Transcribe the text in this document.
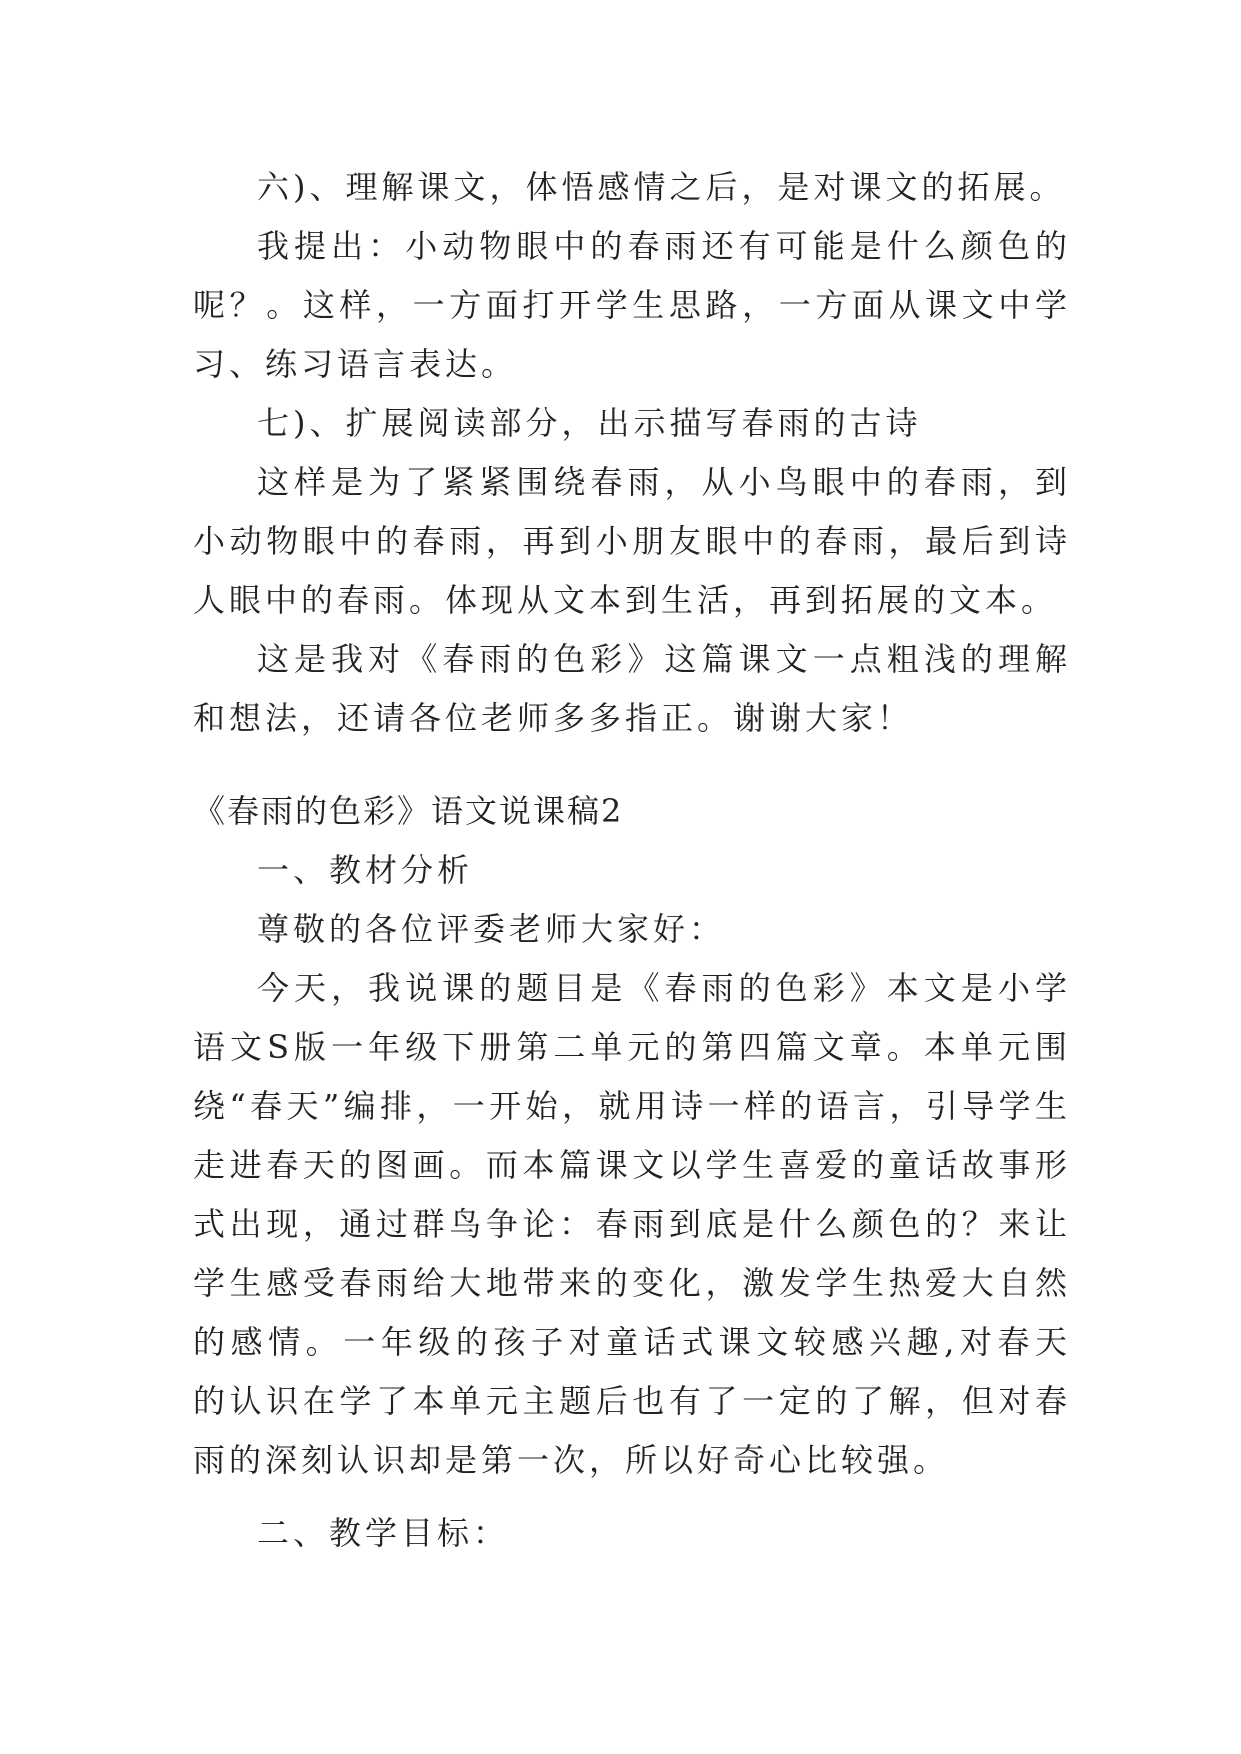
六)、理解课文，体悟感情之后，是对课文的拓展。

我提出：小动物眼中的春雨还有可能是什么颜色的呢？。这样，一方面打开学生思路，一方面从课文中学习、练习语言表达。

七)、扩展阅读部分，出示描写春雨的古诗

这样是为了紧紧围绕春雨，从小鸟眼中的春雨，到小动物眼中的春雨，再到小朋友眼中的春雨，最后到诗人眼中的春雨。体现从文本到生活，再到拓展的文本。

这是我对《春雨的色彩》这篇课文一点粗浅的理解和想法，还请各位老师多多指正。谢谢大家！

《春雨的色彩》语文说课稿2

一、教材分析

尊敬的各位评委老师大家好：

今天，我说课的题目是《春雨的色彩》本文是小学语文S版一年级下册第二单元的第四篇文章。本单元围绕“春天”编排，一开始，就用诗一样的语言，引导学生走进春天的图画。而本篇课文以学生喜爱的童话故事形式出现，通过群鸟争论：春雨到底是什么颜色的？来让学生感受春雨给大地带来的变化，激发学生热爱大自然的感情。一年级的孩子对童话式课文较感兴趣,对春天的认识在学了本单元主题后也有了一定的了解，但对春雨的深刻认识却是第一次，所以好奇心比较强。

二、教学目标：
